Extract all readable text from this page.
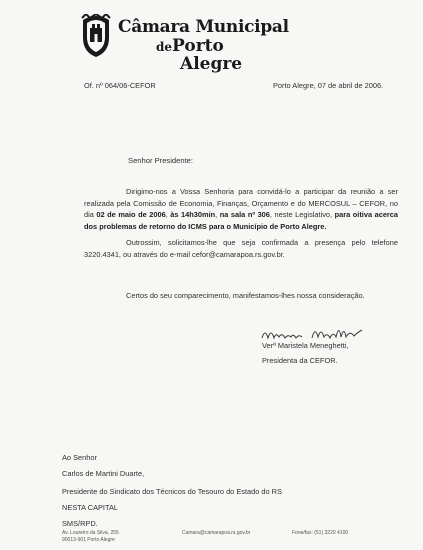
Câmara Municipal
dePorto
Alegre
Of. nº 064/06-CEFOR	Porto Alegre, 07 de abril de 2006.
Senhor Presidente:
Dirigimo-nos a Vossa Senhoria para convidá-lo a participar da reunião a ser realizada pela Comissão de Economia, Finanças, Orçamento e do MERCOSUL – CEFOR, no dia 02 de maio de 2006, às 14h30min, na sala nº 306, neste Legislativo, para oitiva acerca dos problemas de retorno do ICMS para o Município de Porto Alegre.
Outrossim, solicitamos-lhe que seja confirmada a presença pelo telefone 3220.4341, ou através do e-mail cefor@camarapoa.rs.gov.br.
Certos do seu comparecimento, manifestamos-lhes nossa consideração.
Verª Maristela Meneghetti,
Presidenta da CEFOR.
Ao Senhor
Carlos de Martini Duarte,
Presidente do Sindicato dos Técnicos do Tesouro do Estado do RS
NESTA CAPITAL
SMS/RPD.
Av. Loureiro da Silva, 255
90013-901 Porto Alegre
Camara@camarapoa.rs.gov.br	Fone/fax: (51) 3220 4100
